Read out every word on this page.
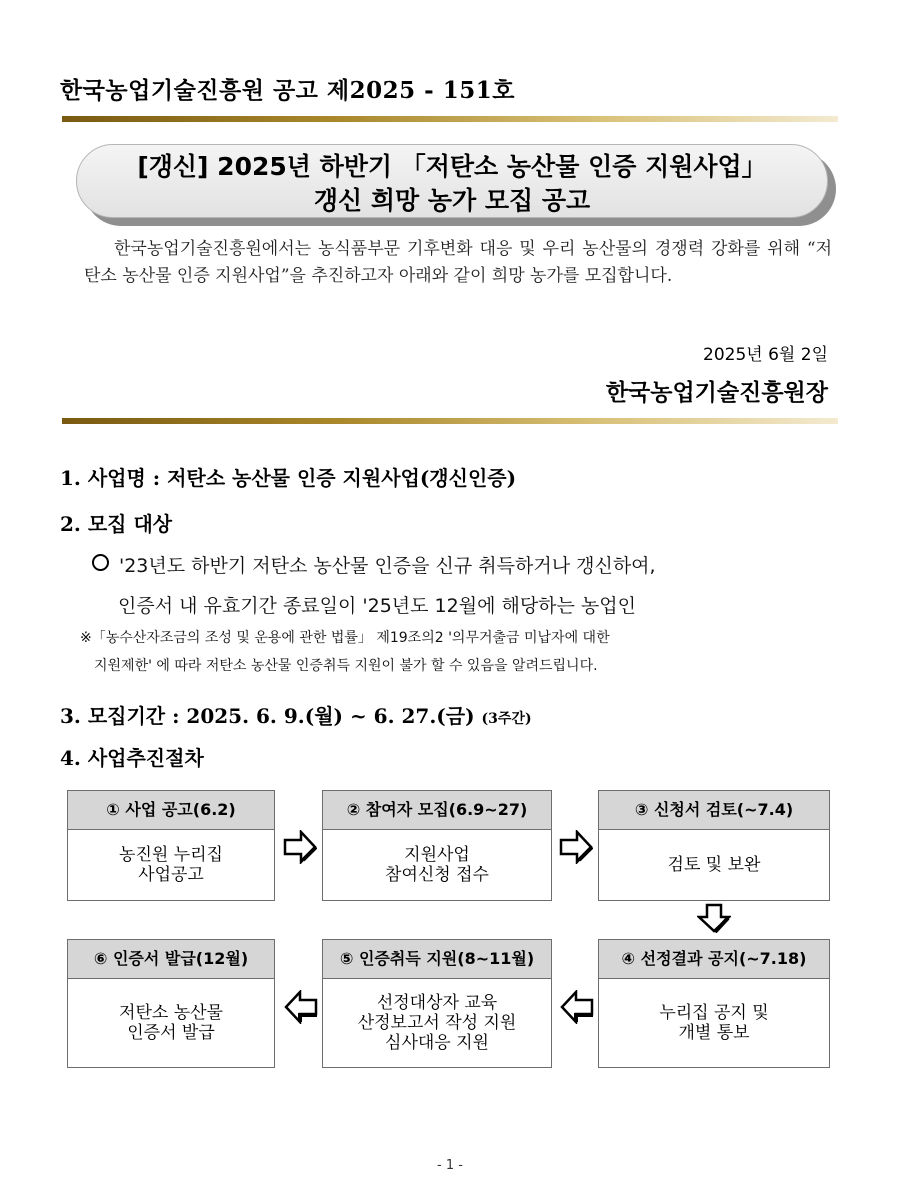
한국농업기술진흥원 공고 제2025 - 151호
[갱신] 2025년 하반기 「저탄소 농산물 인증 지원사업」
갱신 희망 농가 모집 공고
한국농업기술진흥원에서는 농식품부문 기후변화 대응 및 우리 농산물의 경쟁력 강화를 위해 “저탄소 농산물 인증 지원사업”을 추진하고자 아래와 같이 희망 농가를 모집합니다.
2025년 6월 2일
한국농업기술진흥원장
1. 사업명 : 저탄소 농산물 인증 지원사업(갱신인증)
2. 모집 대상
'23년도 하반기 저탄소 농산물 인증을 신규 취득하거나 갱신하여,
인증서 내 유효기간 종료일이 '25년도 12월에 해당하는 농업인
※「농수산자조금의 조성 및 운용에 관한 법률」 제19조의2 '의무거출금 미납자에 대한
지원제한' 에 따라 저탄소 농산물 인증취득 지원이 불가 할 수 있음을 알려드립니다.
3. 모집기간 : 2025. 6. 9.(월) ~ 6. 27.(금) (3주간)
4. 사업추진절차
① 사업 공고(6.2)
농진원 누리집
사업공고
② 참여자 모집(6.9~27)
지원사업
참여신청 접수
③ 신청서 검토(~7.4)
검토 및 보완
④ 선정결과 공지(~7.18)
누리집 공지 및
개별 통보
⑤ 인증취득 지원(8~11월)
선정대상자 교육
산정보고서 작성 지원
심사대응 지원
⑥ 인증서 발급(12월)
저탄소 농산물
인증서 발급
- 1 -
